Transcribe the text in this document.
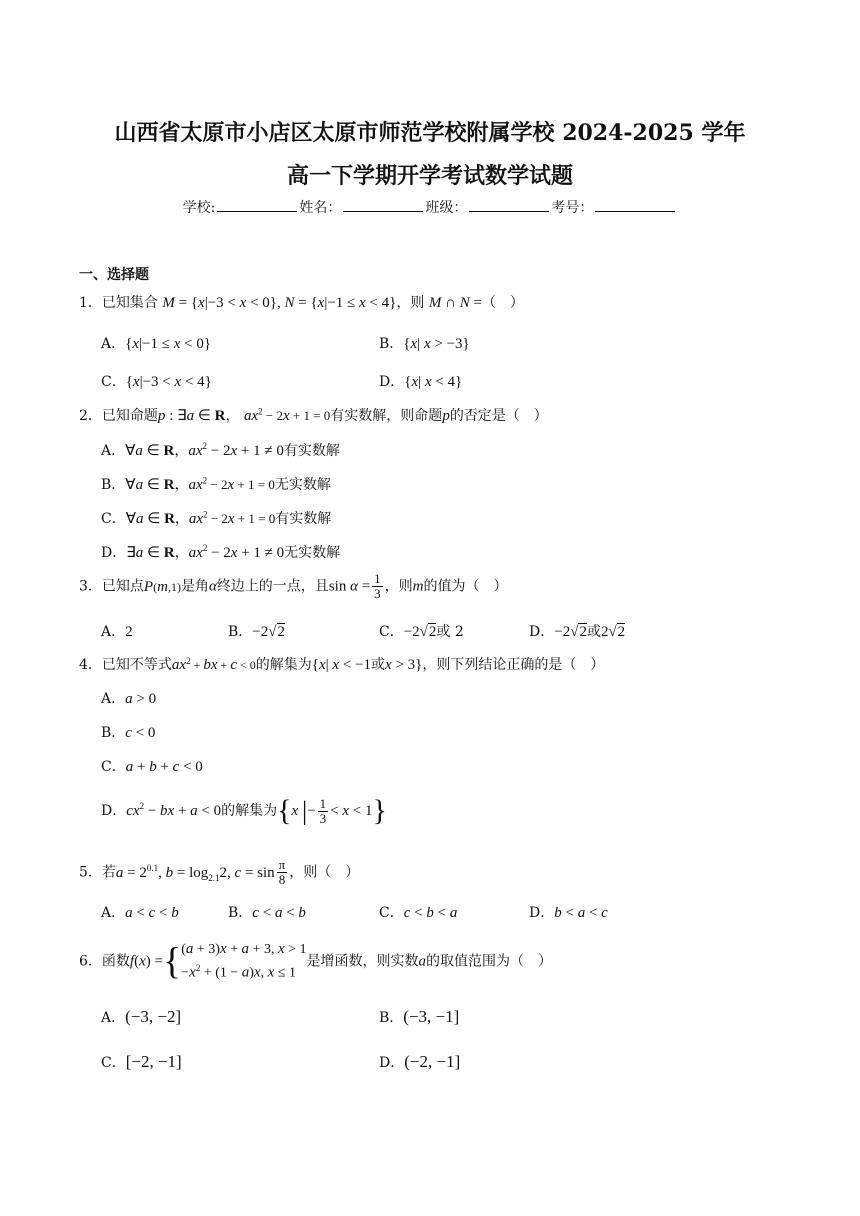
山西省太原市小店区太原市师范学校附属学校 2024-2025 学年
高一下学期开学考试数学试题
学校:	姓名：	班级：	考号：
一、选择题
1．已知集合 M = {x|−3 < x < 0}, N = {x|−1 ≤ x < 4}，则 M ∩ N =（　）
A．{x|−1 ≤ x < 0}	B．{x| x > −3}
C．{x|−3 < x < 4}	D．{x| x < 4}
2．已知命题p : ∃a ∈ R， $ax^2 - 2x + 1 = 0$有实数解，则命题p的否定是（　）
A．∀a ∈ R，$ax^2 - 2x + 1 \ne 0$有实数解
B．∀a ∈ R，$ax^2 - 2x + 1 = 0$无实数解
C．∀a ∈ R，$ax^2 - 2x + 1 = 0$有实数解
D．∃a ∈ R，$ax^2 - 2x + 1 \ne 0$无实数解
3．已知点P(m,1)是角α终边上的一点，且$\sin \alpha = \frac{1}{3}$ ，则m的值为（　）
A．2	B．−2√2	C．−2√2或 2	D．−2√2或2√2
4．已知不等式$ax^2$ + bx + c < 0的解集为{x| x < −1或x > 3}，则下列结论正确的是（　）
A．a > 0
B．c < 0
C．a + b + c < 0
D．$cx^2$ − bx + a < 0的解集为{x |− $\frac{1}{3} < x < 1$}
5．若$a = 2^{0.1}$, $b = \log_{2.1}2$, $c = \sin \frac{\pi}{8}$ ，则（　）
A．a < c < b	B．c < a < b	C．c < b < a	D．b < a < c
6．函数f(x) ={ (a + 3)x + a + 3, x > 1
$-x^2 + (1 - a)x$, x ≤ 1
是增函数，则实数a的取值范围为（　）
A．(−3, −2]	B．(−3, −1]
C．[−2, −1]	D．(−2, −1]
